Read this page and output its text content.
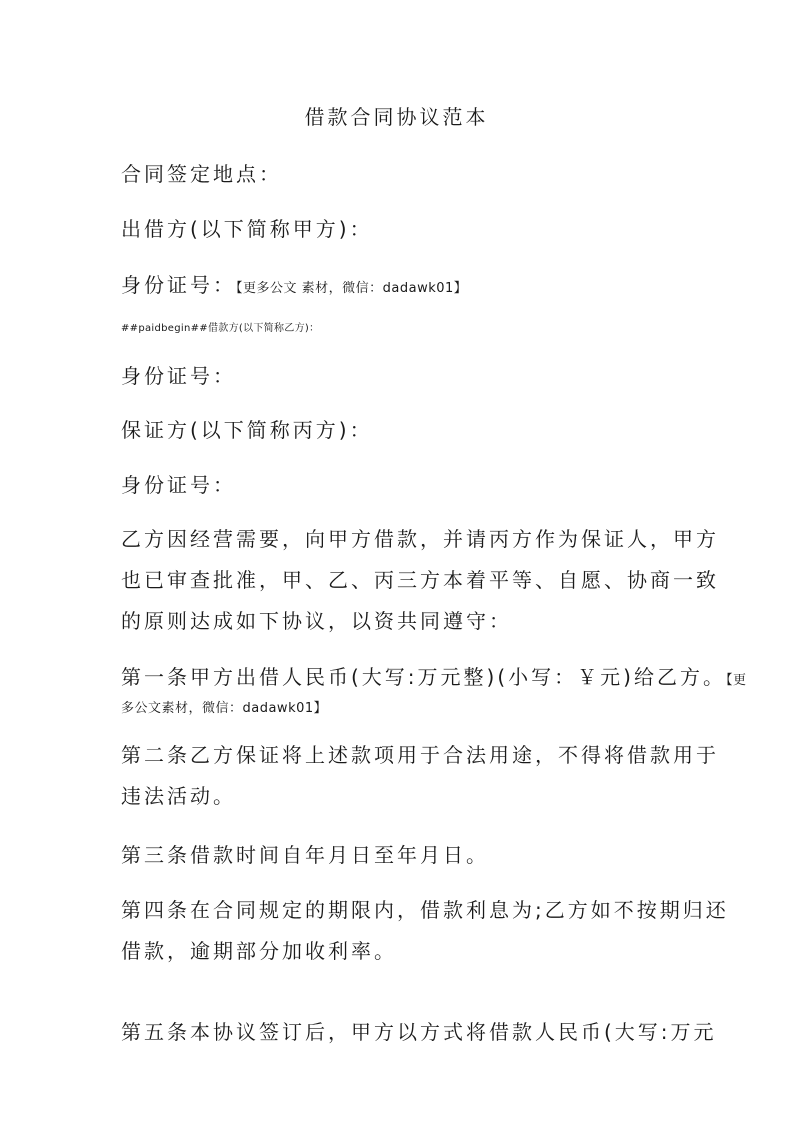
借款合同协议范本
合同签定地点：
出借方(以下简称甲方)：
身份证号：【更多公文 素材，微信：dadawk01】
##paidbegin##借款方(以下简称乙方)：
身份证号：
保证方(以下简称丙方)：
身份证号：
乙方因经营需要，向甲方借款，并请丙方作为保证人，甲方
也已审查批准，甲、乙、丙三方本着平等、自愿、协商一致
的原则达成如下协议，以资共同遵守：
第一条甲方出借人民币(大写:万元整)(小写：￥元)给乙方。【更
多公文素材，微信：dadawk01】
第二条乙方保证将上述款项用于合法用途，不得将借款用于
违法活动。
第三条借款时间自年月日至年月日。
第四条在合同规定的期限内，借款利息为;乙方如不按期归还
借款，逾期部分加收利率。
第五条本协议签订后，甲方以方式将借款人民币(大写:万元
